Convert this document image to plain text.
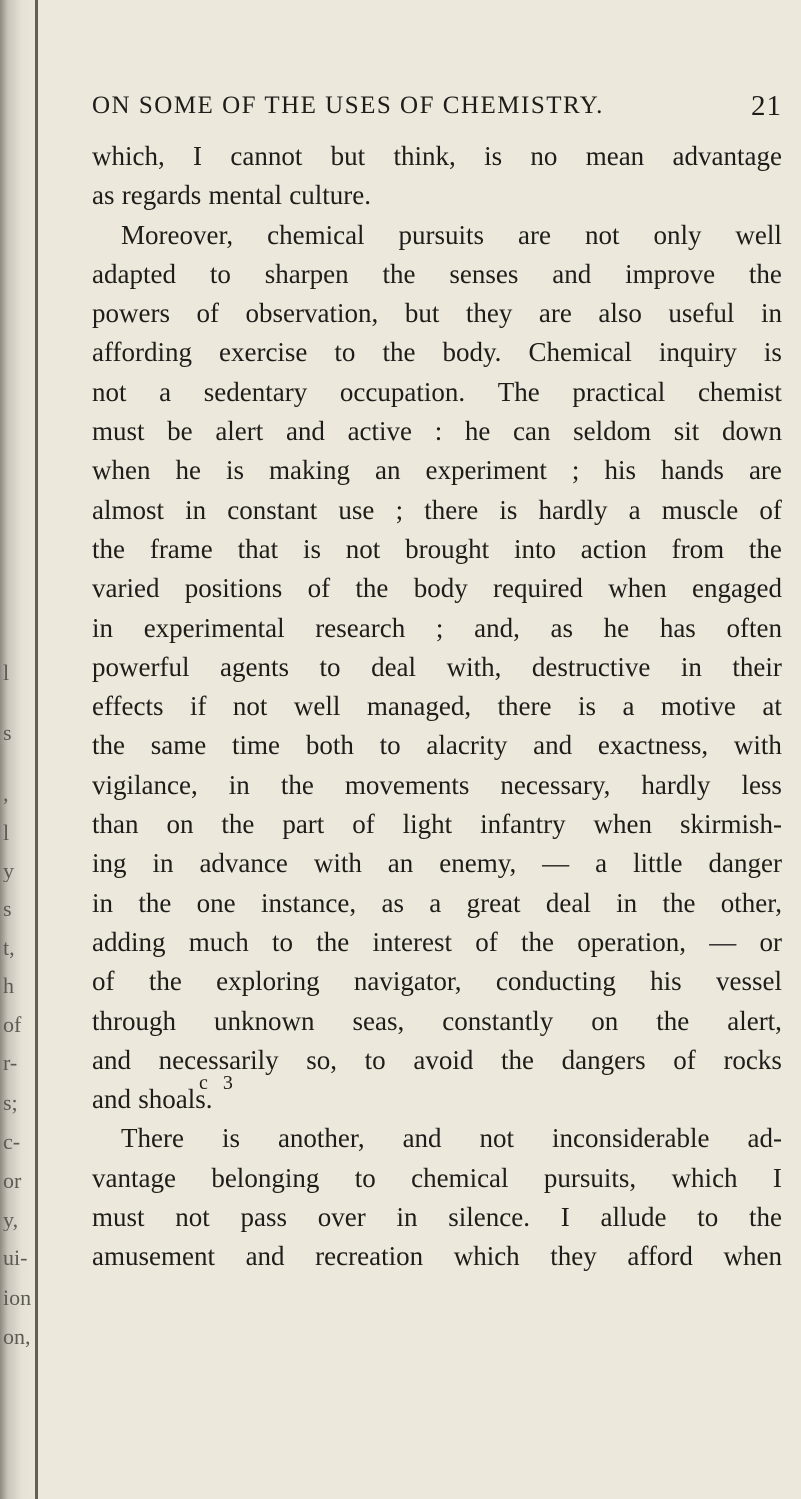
l
s
,
l
y
s
t,
h
of
r-
s;
c-
or
y,
ui-
ion
on,
ON SOME OF THE USES OF CHEMISTRY.	21
which, I cannot but think, is no mean advantage
as regards mental culture.
Moreover, chemical pursuits are not only well
adapted to sharpen the senses and improve the
powers of observation, but they are also useful in
affording exercise to the body. Chemical inquiry is
not a sedentary occupation. The practical chemist
must be alert and active : he can seldom sit down
when he is making an experiment ; his hands are
almost in constant use ; there is hardly a muscle of
the frame that is not brought into action from the
varied positions of the body required when engaged
in experimental research ; and, as he has often
powerful agents to deal with, destructive in their
effects if not well managed, there is a motive at
the same time both to alacrity and exactness, with
vigilance, in the movements necessary, hardly less
than on the part of light infantry when skirmish-
ing in advance with an enemy, — a little danger
in the one instance, as a great deal in the other,
adding much to the interest of the operation, — or
of the exploring navigator, conducting his vessel
through unknown seas, constantly on the alert,
and necessarily so, to avoid the dangers of rocks
and shoals.
There is another, and not inconsiderable ad-
vantage belonging to chemical pursuits, which I
must not pass over in silence. I allude to the
amusement and recreation which they afford when
c 3
